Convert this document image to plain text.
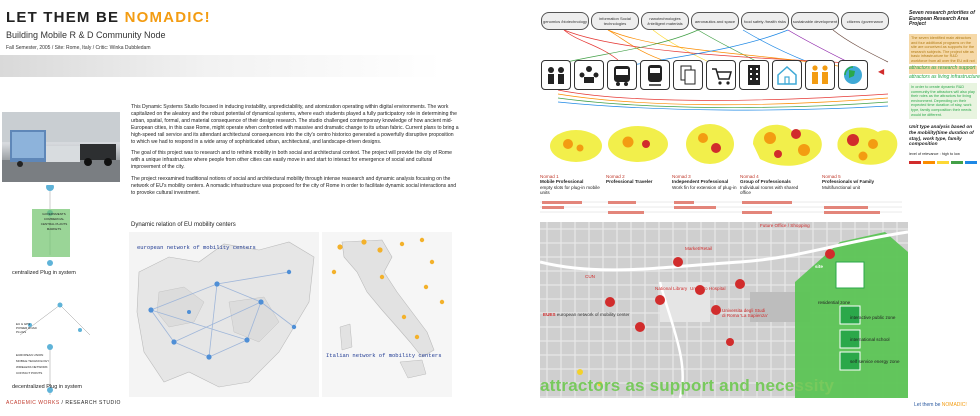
LET THEM BE NOMADIC!
Building Mobile R & D Community Node
Fall Semester, 2005 / Site: Rome, Italy / Critic: Winka Dubbledam
GOVERNMENTS
COMMERCIAL
CENTRAL PLANTS
MARKETS
centralized Plug in system
EU & GPS
POWER ROAD
PLUGS
EUROPEAN UNION
MOBILE TECHNOLOGY
WIRELESS NETWORK
CONTACT POINTS
decentralized Plug in system

This Dynamic Systems Studio focused in inducing instability, unpredictability, and atomization operating within digital environments. The work capitalized on the aleatory and the robust potential of dynamical systems, where each students played a fully participatory role in determining the urban, spatial, formal, and material consequence of their design research. The studio challenged contemporary knowledge of how ancient mid-European cities, in this case Rome, might operate when confronted with massive and dramatic change to its urban fabric. Current plans to bring a high-speed rail service and its attendant architectural consequences into the city's centro historico generated a powerfully disruptive proposition to which we had to respond in a wide array of sophisticated urban, architectural, and landscape-driven designs.

The goal of this project was to research and to rethink mobility in both social and architectural context. The project will provide the city of Rome with a unique infrastructure where people from other cities can easily move in and start to interact for emergence of social and cultural improvement of the city.

The project reexamined traditional notions of social and architectural mobility through intense reasearch and dynamic analysis focusing on the network of EU's mobility centers. A nomadic infrastructure was proposed for the city of Rome in order to facilitate dynamic social interactions and to provoke cultural investment.

Dynamic relation of EU mobility centers
european network of mobility centers
Italian network of mobility centers
ACADEMIC WORKS / RESEARCH STUDIO
genomics /biotechnology	information Social technologies
nanotechnologies /intelligent materials	aeronautics and space	food safety /health risks	sustainable development	citizens /governance
Seven research priorities of European Research Area Project
The seven identified main attractors and four additional programs on the site are conceived as supports for the research subjects. The project site as basic infrastructure for R&D workforce from all over the EU will not
attractors as research support
◀
attractors as living infrastructure
In order to create dynamic R&D community the attractors will also play their roles as the attractors for living environment. Depending on their expected time duration of stay, work type, family composition their needs would be different.
Unit type analysis based on the mobility(time duration of stay), work type, family composition
level of relevance : high to low
Nomad 1
Mobile Professional
empty slots for plug-in mobile units
Nomad 2
Professional Traveler
Nomad 3
Independent Professional
Work fin for extension of plug-in
Nomad 4
Group of Professionals
Individual rooms with shared office
Nomad 5
Professionals w/ Family
Multifunctional unit
Future Office / Shopping
Market/Retail
Umberto Hospital
National Library
CUN
Universita degli Studi di Roma 'La Sapienza'
EUES european network of mobility center
site
residential zone
interactive public zone
international school
self service energy zone
attractors as support and necessity
Let them be NOMADIC!
